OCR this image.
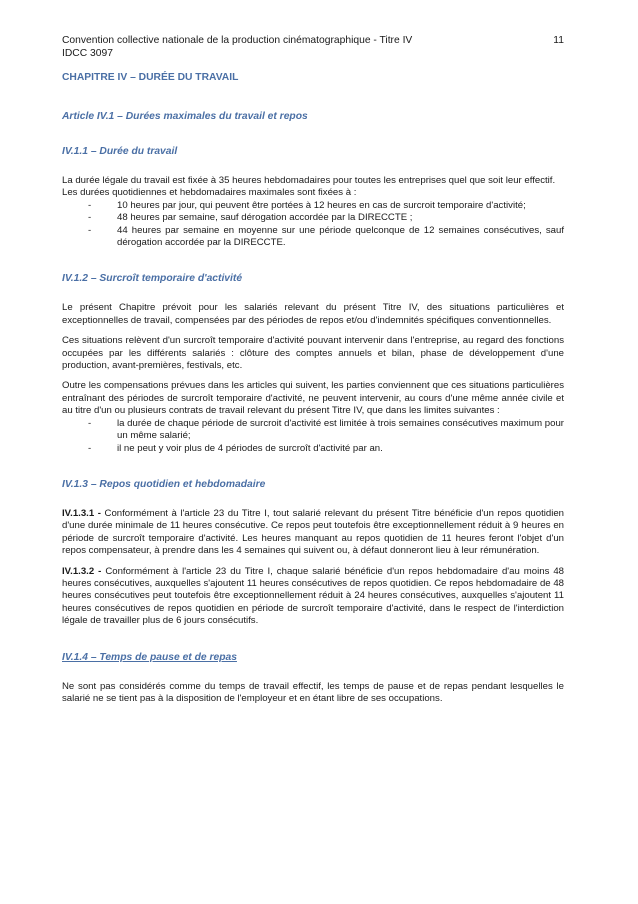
Convention collective nationale de la production cinématographique - Titre IV
IDCC 3097
11
CHAPITRE IV – DURÉE DU TRAVAIL
Article IV.1 – Durées maximales du travail et repos
IV.1.1 – Durée du travail

La durée légale du travail est fixée à 35 heures hebdomadaires pour toutes les entreprises quel que soit leur effectif.

Les durées quotidiennes et hebdomadaires maximales sont fixées à :

-	10 heures par jour, qui peuvent être portées à 12 heures en cas de surcroit temporaire d'activité;
-	48 heures par semaine, sauf dérogation accordée par la DIRECCTE ;
-	44 heures par semaine en moyenne sur une période quelconque de 12 semaines consécutives, sauf dérogation accordée par la DIRECCTE.
IV.1.2 – Surcroît temporaire d'activité

Le présent Chapitre prévoit pour les salariés relevant du présent Titre IV, des situations particulières et exceptionnelles de travail, compensées par des périodes de repos et/ou d'indemnités spécifiques conventionnelles.

Ces situations relèvent d'un surcroît temporaire d'activité pouvant intervenir dans l'entreprise, au regard des fonctions occupées par les différents salariés : clôture des comptes annuels et bilan, phase de développement d'une production, avant-premières, festivals, etc.

Outre les compensations prévues dans les articles qui suivent, les parties conviennent que ces situations particulières entraînant des périodes de surcroît temporaire d'activité, ne peuvent intervenir, au cours d'une même année civile et au titre d'un ou plusieurs contrats de travail relevant du présent Titre IV, que dans les limites suivantes :

-	la durée de chaque période de surcroit d'activité est limitée à trois semaines consécutives maximum pour un même salarié;
-	il ne peut y voir plus de 4 périodes de surcroît d'activité par an.
IV.1.3 – Repos quotidien et hebdomadaire

IV.1.3.1 - Conformément à l'article 23 du Titre I, tout salarié relevant du présent Titre bénéficie d'un repos quotidien d'une durée minimale de 11 heures consécutive. Ce repos peut toutefois être exceptionnellement réduit à 9 heures en période de surcroît temporaire d'activité. Les heures manquant au repos quotidien de 11 heures feront l'objet d'un repos compensateur, à prendre dans les 4 semaines qui suivent ou, à défaut donneront lieu à leur rémunération.

IV.1.3.2 - Conformément à l'article 23 du Titre I, chaque salarié bénéficie d'un repos hebdomadaire d'au moins 48 heures consécutives, auxquelles s'ajoutent 11 heures consécutives de repos quotidien. Ce repos hebdomadaire de 48 heures consécutives peut toutefois être exceptionnellement réduit à 24 heures consécutives, auxquelles s'ajoutent 11 heures consécutives de repos quotidien en période de surcroît temporaire d'activité, dans le respect de l'interdiction légale de travailler plus de 6 jours consécutifs.

IV.1.4 – Temps de pause et de repas

Ne sont pas considérés comme du temps de travail effectif, les temps de pause et de repas pendant lesquelles le salarié ne se tient pas à la disposition de l'employeur et en étant libre de ses occupations.
